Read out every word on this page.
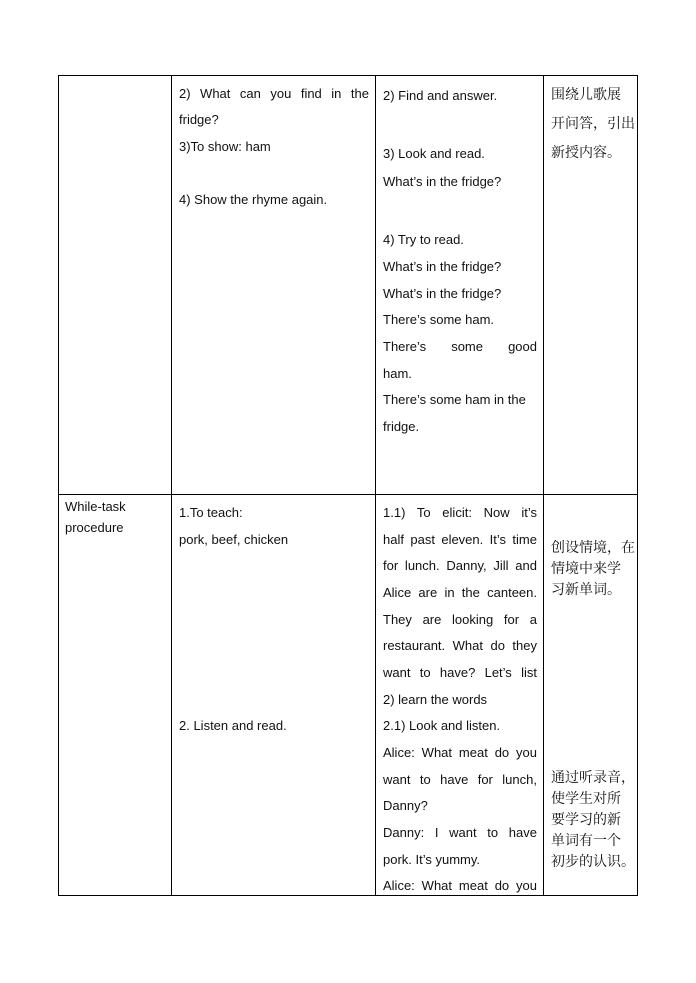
2) What can you find in the
fridge?
3)To show: ham
4) Show the rhyme again.
2) Find and answer.
3) Look and read.
What’s in the fridge?
4) Try to read.
What’s in the fridge?
What’s in the fridge?
There’s some ham.
There’s some good
ham.
There’s some ham in the
fridge.
围绕儿歌展
开问答，引出
新授内容。
While-task
procedure
1.To teach:
pork, beef, chicken
2. Listen and read.
1.1) To elicit: Now it’s
half past eleven. It’s time
for lunch. Danny, Jill and
Alice are in the canteen.
They are looking for a
restaurant. What do they
want to have? Let’s list
2) learn the words
2.1) Look and listen.
Alice: What meat do you
want to have for lunch,
Danny?
Danny: I want to have
pork. It’s yummy.
Alice: What meat do you
创设情境，在
情境中来学
习新单词。
通过听录音，
使学生对所
要学习的新
单词有一个
初步的认识。
